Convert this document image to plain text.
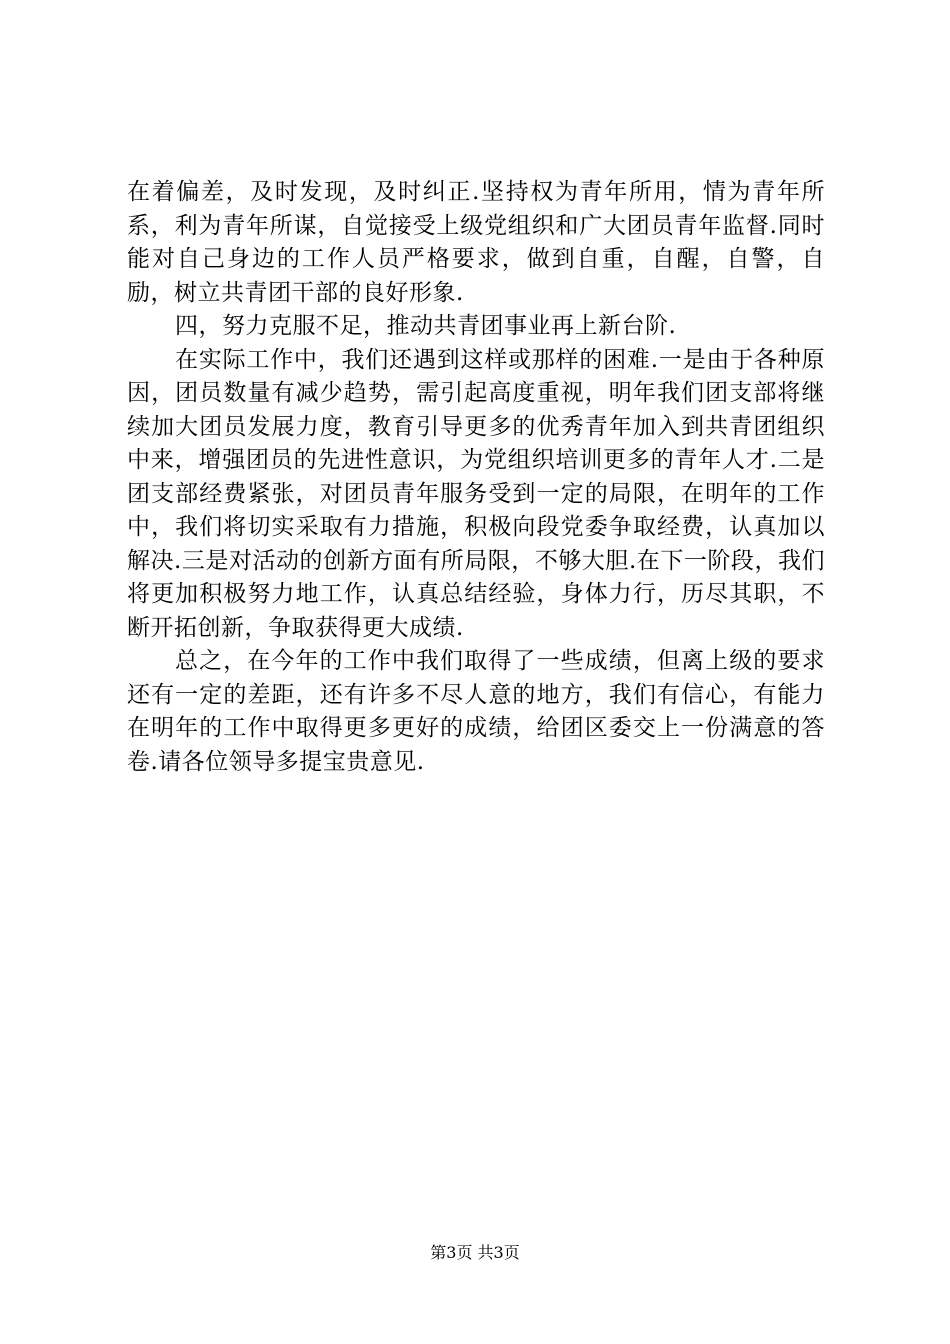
在着偏差，及时发现，及时纠正.坚持权为青年所用，情为青年所系，利为青年所谋，自觉接受上级党组织和广大团员青年监督.同时能对自己身边的工作人员严格要求，做到自重，自醒，自警，自励，树立共青团干部的良好形象.

四，努力克服不足，推动共青团事业再上新台阶.

在实际工作中，我们还遇到这样或那样的困难.一是由于各种原因，团员数量有减少趋势，需引起高度重视，明年我们团支部将继续加大团员发展力度，教育引导更多的优秀青年加入到共青团组织中来，增强团员的先进性意识，为党组织培训更多的青年人才.二是团支部经费紧张，对团员青年服务受到一定的局限，在明年的工作中，我们将切实采取有力措施，积极向段党委争取经费，认真加以解决.三是对活动的创新方面有所局限，不够大胆.在下一阶段，我们将更加积极努力地工作，认真总结经验，身体力行，历尽其职，不断开拓创新，争取获得更大成绩.

总之，在今年的工作中我们取得了一些成绩，但离上级的要求还有一定的差距，还有许多不尽人意的地方，我们有信心，有能力在明年的工作中取得更多更好的成绩，给团区委交上一份满意的答卷.请各位领导多提宝贵意见.

第3页 共3页
